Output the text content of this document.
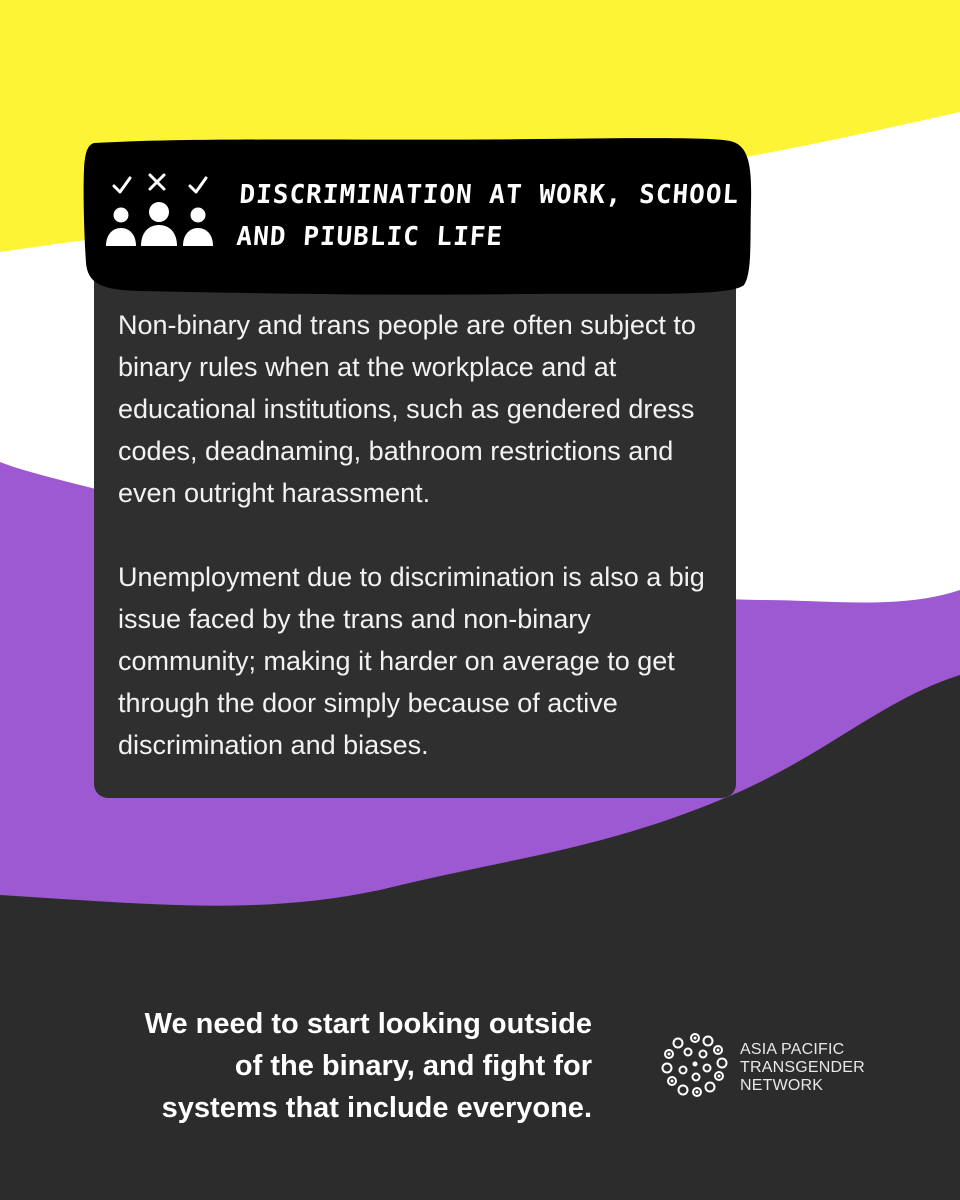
DISCRIMINATION AT WORK, SCHOOL
AND PIUBLIC LIFE

Non-binary and trans people are often subject to binary rules when at the workplace and at educational institutions, such as gendered dress codes, deadnaming, bathroom restrictions and even outright harassment.

Unemployment due to discrimination is also a big issue faced by the trans and non-binary community; making it harder on average to get through the door simply because of active discrimination and biases.

We need to start looking outside
of the binary, and fight for
systems that include everyone.
ASIA PACIFIC
TRANSGENDER
NETWORK
